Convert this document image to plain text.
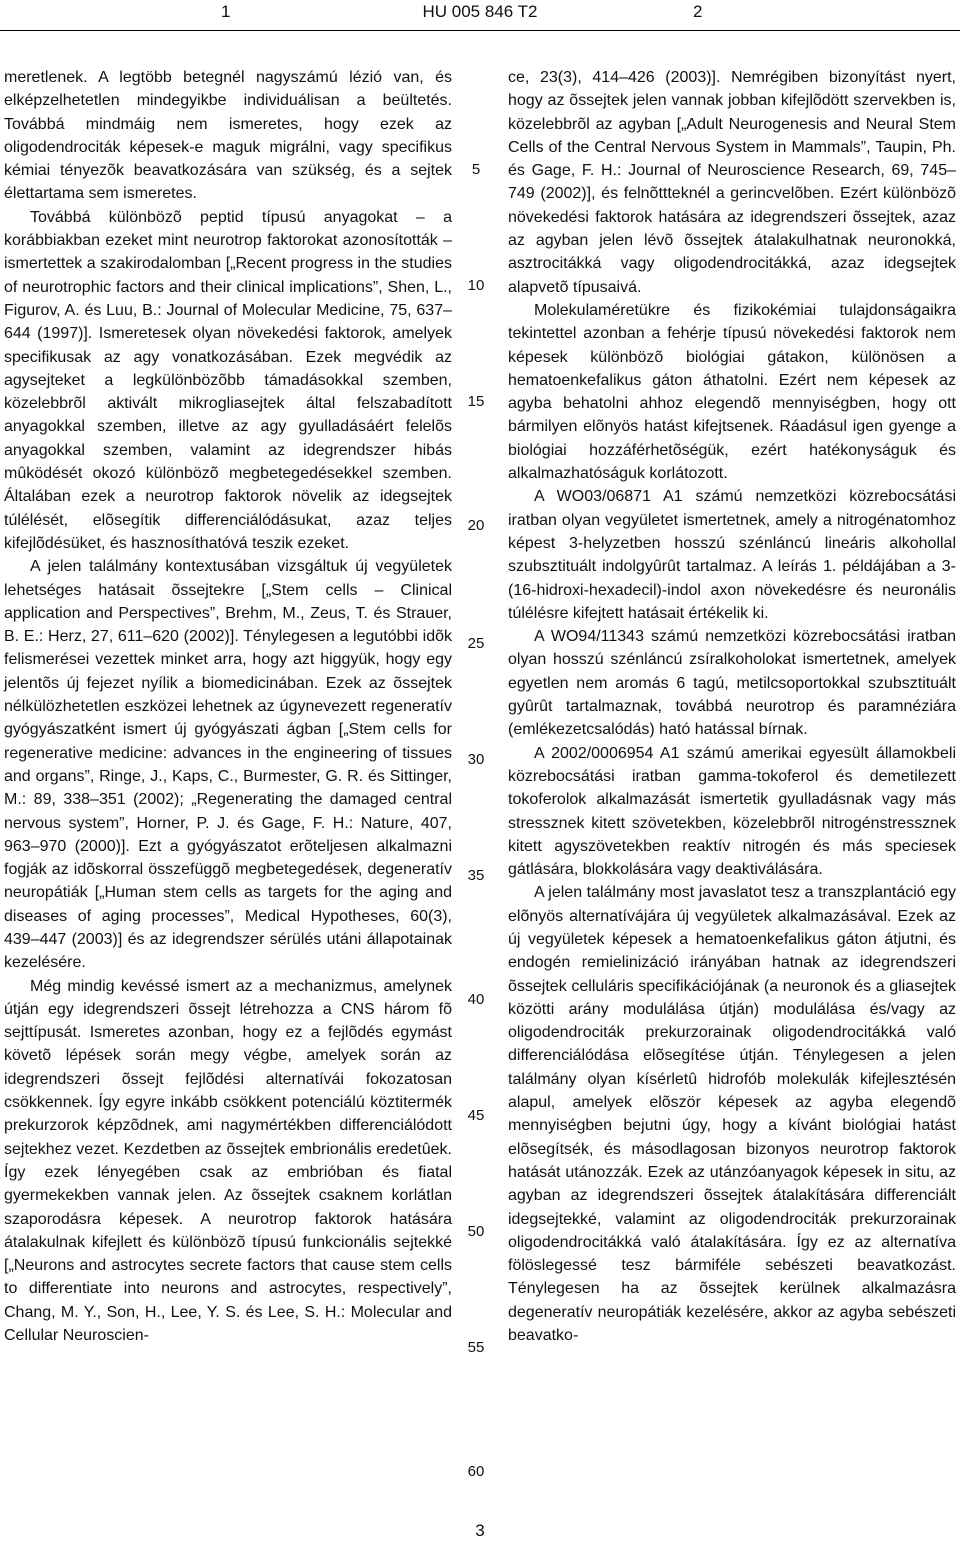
1	HU 005 846 T2	2

meretlenek. A legtöbb betegnél nagyszámú lézió van, és elképzelhetetlen mindegyikbe individuálisan a beültetés. Továbbá mindmáig nem ismeretes, hogy ezek az oligodendrociták képesek-e maguk migrálni, vagy specifikus kémiai tényezõk beavatkozására van szükség, és a sejtek élettartama sem ismeretes.

Továbbá különbözõ peptid típusú anyagokat – a korábbiakban ezeket mint neurotrop faktorokat azonosították – ismertettek a szakirodalomban [„Recent progress in the studies of neurotrophic factors and their clinical implications”, Shen, L., Figurov, A. és Luu, B.: Journal of Molecular Medicine, 75, 637–644 (1997)]. Ismeretesek olyan növekedési faktorok, amelyek specifikusak az agy vonatkozásában. Ezek megvédik az agysejteket a legkülönbözõbb támadásokkal szemben, közelebbrõl aktivált mikrogliasejtek által felszabadított anyagokkal szemben, illetve az agy gyulladásáért felelõs anyagokkal szemben, valamint az idegrendszer hibás mûködését okozó különbözõ megbetegedésekkel szemben. Általában ezek a neurotrop faktorok növelik az idegsejtek túlélését, elõsegítik differenciálódásukat, azaz teljes kifejlõdésüket, és hasznosíthatóvá teszik ezeket.

A jelen találmány kontextusában vizsgáltuk új vegyületek lehetséges hatásait õssejtekre [„Stem cells – Clinical application and Perspectives”, Brehm, M., Zeus, T. és Strauer, B. E.: Herz, 27, 611–620 (2002)]. Ténylegesen a legutóbbi idõk felismerései vezettek minket arra, hogy azt higgyük, hogy egy jelentõs új fejezet nyílik a biomedicinában. Ezek az õssejtek nélkülözhetetlen eszközei lehetnek az úgynevezett regeneratív gyógyászatként ismert új gyógyászati ágban [„Stem cells for regenerative medicine: advances in the engineering of tissues and organs”, Ringe, J., Kaps, C., Burmester, G. R. és Sittinger, M.: 89, 338–351 (2002); „Regenerating the damaged central nervous system”, Horner, P. J. és Gage, F. H.: Nature, 407, 963–970 (2000)]. Ezt a gyógyászatot erõteljesen alkalmazni fogják az idõskorral összefüggõ megbetegedések, degeneratív neuropátiák [„Human stem cells as targets for the aging and diseases of aging processes”, Medical Hypotheses, 60(3), 439–447 (2003)] és az idegrendszer sérülés utáni állapotainak kezelésére.

Még mindig kevéssé ismert az a mechanizmus, amelynek útján egy idegrendszeri õssejt létrehozza a CNS három fõ sejttípusát. Ismeretes azonban, hogy ez a fejlõdés egymást követõ lépések során megy végbe, amelyek során az idegrendszeri õssejt fejlõdési alternatívái fokozatosan csökkennek. Így egyre inkább csökkent potenciálú köztitermék prekurzorok képzõdnek, ami nagymértékben differenciálódott sejtekhez vezet. Kezdetben az õssejtek embrionális eredetûek. Így ezek lényegében csak az embrióban és fiatal gyermekekben vannak jelen. Az õssejtek csaknem korlátlan szaporodásra képesek. A neurotrop faktorok hatására átalakulnak kifejlett és különbözõ típusú funkcionális sejtekké [„Neurons and astrocytes secrete factors that cause stem cells to differentiate into neurons and astrocytes, respectively”, Chang, M. Y., Son, H., Lee, Y. S. és Lee, S. H.: Molecular and Cellular Neuroscien-

5
10
15
20
25
30
35
40
45
50
55
60

ce, 23(3), 414–426 (2003)]. Nemrégiben bizonyítást nyert, hogy az õssejtek jelen vannak jobban kifejlõdött szervekben is, közelebbrõl az agyban [„Adult Neurogenesis and Neural Stem Cells of the Central Nervous System in Mammals”, Taupin, Ph. és Gage, F. H.: Journal of Neuroscience Research, 69, 745–749 (2002)], és felnõttteknél a gerincvelõben. Ezért különbözõ növekedési faktorok hatására az idegrendszeri õssejtek, azaz az agyban jelen lévõ õssejtek átalakulhatnak neuronokká, asztrocitákká vagy oligodendrocitákká, azaz idegsejtek alapvetõ típusaivá.

Molekulaméretükre és fizikokémiai tulajdonságaikra tekintettel azonban a fehérje típusú növekedési faktorok nem képesek különbözõ biológiai gátakon, különösen a hematoenkefalikus gáton áthatolni. Ezért nem képesek az agyba behatolni ahhoz elegendõ mennyiségben, hogy ott bármilyen elõnyös hatást kifejtsenek. Ráadásul igen gyenge a biológiai hozzáférhetõségük, ezért hatékonyságuk és alkalmazhatóságuk korlátozott.

A WO03/06871 A1 számú nemzetközi közrebocsátási iratban olyan vegyületet ismertetnek, amely a nitrogénatomhoz képest 3-helyzetben hosszú szénláncú lineáris alkohollal szubsztituált indolgyûrût tartalmaz. A leírás 1. példájában a 3-(16-hidroxi-hexadecil)-indol axon növekedésre és neuronális túlélésre kifejtett hatásait értékelik ki.

A WO94/11343 számú nemzetközi közrebocsátási iratban olyan hosszú szénláncú zsíralkoholokat ismertetnek, amelyek egyetlen nem aromás 6 tagú, metilcsoportokkal szubsztituált gyûrût tartalmaznak, továbbá neurotrop és paramnéziára (emlékezetcsalódás) ható hatással bírnak.

A 2002/0006954 A1 számú amerikai egyesült államokbeli közrebocsátási iratban gamma-tokoferol és demetilezett tokoferolok alkalmazását ismertetik gyulladásnak vagy más stressznek kitett szövetekben, közelebbrõl nitrogénstressznek kitett agyszövetekben reaktív nitrogén és más speciesek gátlására, blokkolására vagy deaktiválására.

A jelen találmány most javaslatot tesz a transzplantáció egy elõnyös alternatívájára új vegyületek alkalmazásával. Ezek az új vegyületek képesek a hematoenkefalikus gáton átjutni, és endogén remielinizáció irányában hatnak az idegrendszeri õssejtek celluláris specifikációjának (a neuronok és a gliasejtek közötti arány modulálása útján) modulálása és/vagy az oligodendrociták prekurzorainak oligodendrocitákká való differenciálódása elõsegítése útján. Ténylegesen a jelen találmány olyan kísérletû hidrofób molekulák kifejlesztésén alapul, amelyek elõször képesek az agyba elegendõ mennyiségben bejutni úgy, hogy a kívánt biológiai hatást elõsegítsék, és másodlagosan bizonyos neurotrop faktorok hatását utánozzák. Ezek az utánzóanyagok képesek in situ, az agyban az idegrendszeri õssejtek átalakítására differenciált idegsejtekké, valamint az oligodendrociták prekurzorainak oligodendrocitákká való átalakítására. Így ez az alternatíva fölöslegessé tesz bármiféle sebészeti beavatkozást. Ténylegesen ha az õssejtek kerülnek alkalmazásra degeneratív neuropátiák kezelésére, akkor az agyba sebészeti beavatko-

3
